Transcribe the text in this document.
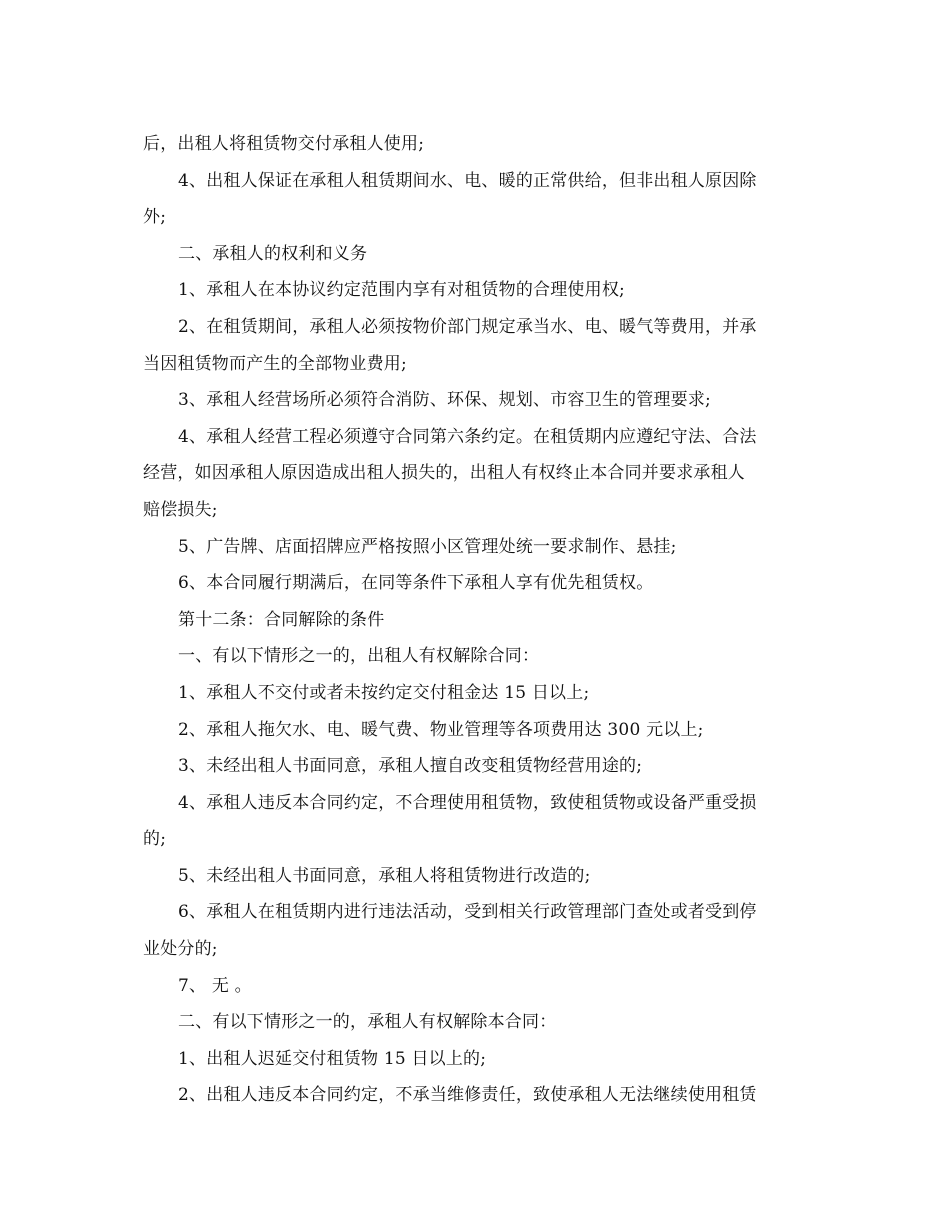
后，出租人将租赁物交付承租人使用;
4、出租人保证在承租人租赁期间水、电、暖的正常供给，但非出租人原因除
外;
二、承租人的权利和义务
1、承租人在本协议约定范围内享有对租赁物的合理使用权;
2、在租赁期间，承租人必须按物价部门规定承当水、电、暖气等费用，并承
当因租赁物而产生的全部物业费用;
3、承租人经营场所必须符合消防、环保、规划、市容卫生的管理要求;
4、承租人经营工程必须遵守合同第六条约定。在租赁期内应遵纪守法、合法
经营，如因承租人原因造成出租人损失的，出租人有权终止本合同并要求承租人
赔偿损失;
5、广告牌、店面招牌应严格按照小区管理处统一要求制作、悬挂;
6、本合同履行期满后，在同等条件下承租人享有优先租赁权。
第十二条：合同解除的条件
一、有以下情形之一的，出租人有权解除合同：
1、承租人不交付或者未按约定交付租金达 15 日以上;
2、承租人拖欠水、电、暖气费、物业管理等各项费用达 300 元以上;
3、未经出租人书面同意，承租人擅自改变租赁物经营用途的;
4、承租人违反本合同约定，不合理使用租赁物，致使租赁物或设备严重受损
的;
5、未经出租人书面同意，承租人将租赁物进行改造的;
6、承租人在租赁期内进行违法活动，受到相关行政管理部门查处或者受到停
业处分的;
7、 无 。
二、有以下情形之一的，承租人有权解除本合同：
1、出租人迟延交付租赁物 15 日以上的;
2、出租人违反本合同约定，不承当维修责任，致使承租人无法继续使用租赁
